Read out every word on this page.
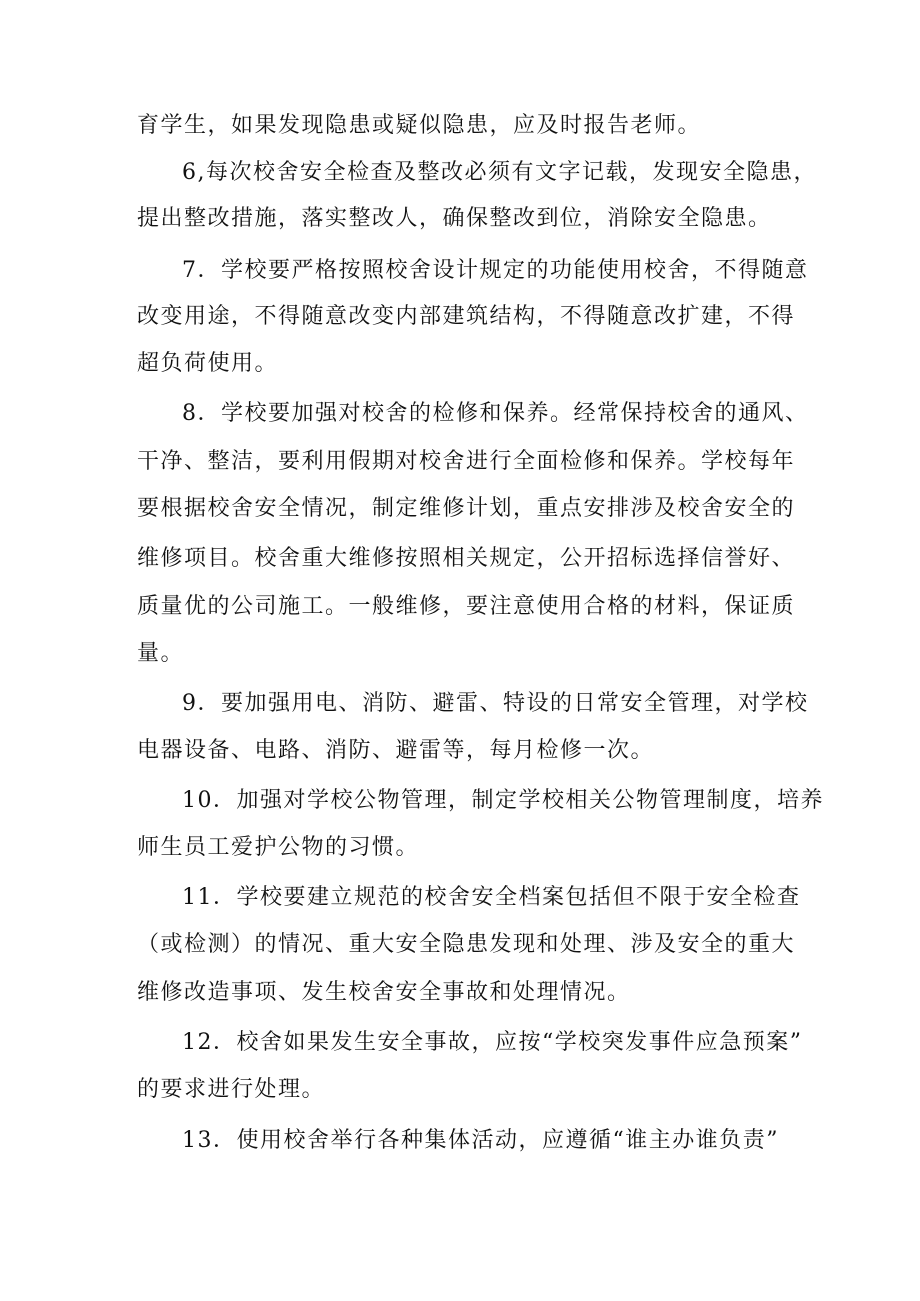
育学生，如果发现隐患或疑似隐患，应及时报告老师。
6,每次校舍安全检查及整改必须有文字记载，发现安全隐患，
提出整改措施，落实整改人，确保整改到位，消除安全隐患。
7．学校要严格按照校舍设计规定的功能使用校舍，不得随意
改变用途，不得随意改变内部建筑结构，不得随意改扩建，不得
超负荷使用。
8．学校要加强对校舍的检修和保养。经常保持校舍的通风、
干净、整洁，要利用假期对校舍进行全面检修和保养。学校每年
要根据校舍安全情况，制定维修计划，重点安排涉及校舍安全的
维修项目。校舍重大维修按照相关规定，公开招标选择信誉好、
质量优的公司施工。一般维修，要注意使用合格的材料，保证质
量。
9．要加强用电、消防、避雷、特设的日常安全管理，对学校
电器设备、电路、消防、避雷等，每月检修一次。
10．加强对学校公物管理，制定学校相关公物管理制度，培养
师生员工爱护公物的习惯。
11．学校要建立规范的校舍安全档案包括但不限于安全检查
（或检测）的情况、重大安全隐患发现和处理、涉及安全的重大
维修改造事项、发生校舍安全事故和处理情况。
12．校舍如果发生安全事故，应按“学校突发事件应急预案”
的要求进行处理。
13．使用校舍举行各种集体活动，应遵循“谁主办谁负责”
